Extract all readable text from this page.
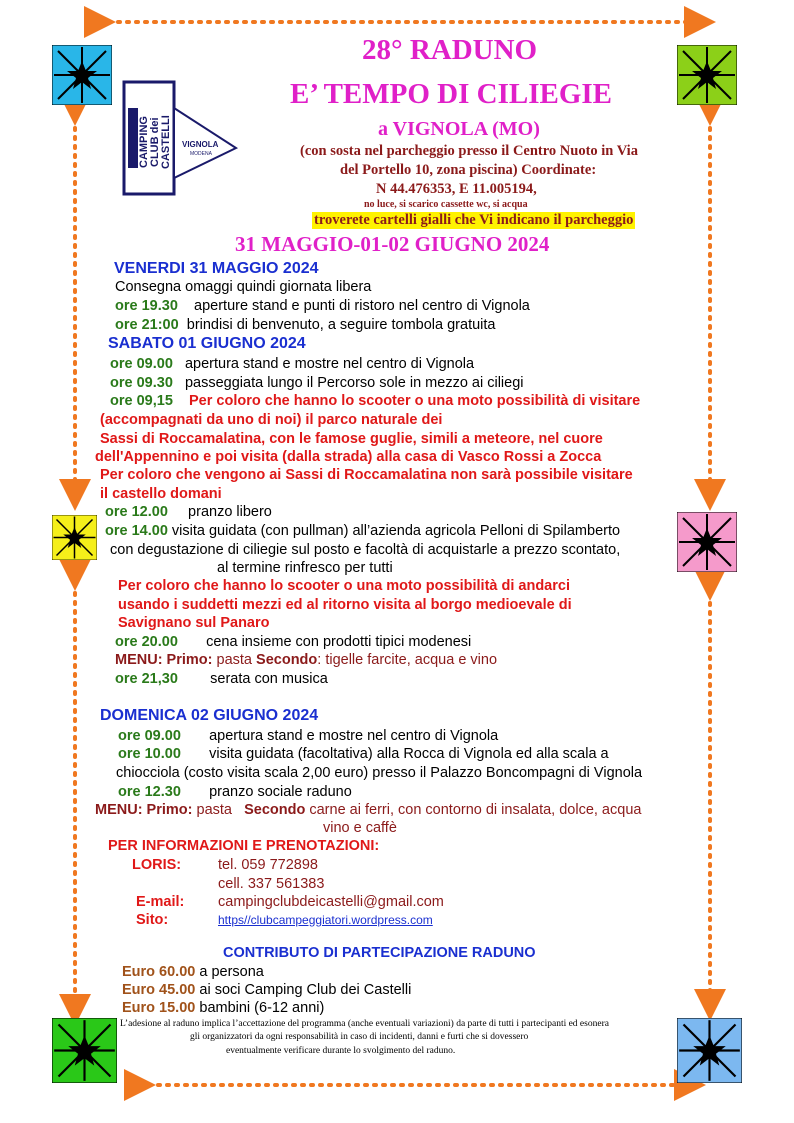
CAMPING CLUB dei CASTELLI VIGNOLA
MODENA
28° RADUNO
E’ TEMPO DI CILIEGIE
a VIGNOLA (MO)
(con sosta nel parcheggio presso il Centro Nuoto in Via
del Portello 10, zona piscina) Coordinate:
N 44.476353, E 11.005194,
no luce, si scarico cassette wc, si acqua
troverete cartelli gialli che Vi indicano il parcheggio
31 MAGGIO-01-02 GIUGNO 2024
VENERDI 31 MAGGIO 2024
Consegna omaggi quindi giornata libera
ore 19.30 aperture stand e punti di ristoro nel centro di Vignola
ore 21:00 brindisi di benvenuto, a seguire tombola gratuita
SABATO 01 GIUGNO 2024
ore 09.00 apertura stand e mostre nel centro di Vignola
ore 09.30 passeggiata lungo il Percorso sole in mezzo ai ciliegi
ore 09,15 Per coloro che hanno lo scooter o una moto possibilità di visitare
(accompagnati da uno di noi) il parco naturale dei
Sassi di Roccamalatina, con le famose guglie, simili a meteore, nel cuore
dell'Appennino e poi visita (dalla strada) alla casa di Vasco Rossi a Zocca
Per coloro che vengono ai Sassi di Roccamalatina non sarà possibile visitare
il castello domani
ore 12.00 pranzo libero
ore 14.00 visita guidata (con pullman) all’azienda agricola Pelloni di Spilamberto
con degustazione di ciliegie sul posto e facoltà di acquistarle a prezzo scontato,
al termine rinfresco per tutti
Per coloro che hanno lo scooter o una moto possibilità di andarci
usando i suddetti mezzi ed al ritorno visita al borgo medioevale di
Savignano sul Panaro
ore 20.00 cena insieme con prodotti tipici modenesi
MENU: Primo: pasta Secondo: tigelle farcite, acqua e vino
ore 21,30 serata con musica
DOMENICA 02 GIUGNO 2024
ore 09.00 apertura stand e mostre nel centro di Vignola
ore 10.00 visita guidata (facoltativa) alla Rocca di Vignola ed alla scala a
chiocciola (costo visita scala 2,00 euro) presso il Palazzo Boncompagni di Vignola
ore 12.30 pranzo sociale raduno
MENU: Primo: pasta Secondo carne ai ferri, con contorno di insalata, dolce, acqua
vino e caffè
PER INFORMAZIONI E PRENOTAZIONI:
LORIS:	tel. 059 772898
cell. 337 561383
E-mail: campingclubdeicastelli@gmail.com
Sito:	https//clubcampeggiatori.wordpress.com
CONTRIBUTO DI PARTECIPAZIONE RADUNO
Euro 60.00 a persona
Euro 45.00 ai soci Camping Club dei Castelli
Euro 15.00 bambini (6-12 anni)
L’adesione al raduno implica l’accettazione del programma (anche eventuali variazioni) da parte di tutti i partecipanti ed esonera
gli organizzatori da ogni responsabilità in caso di incidenti, danni e furti che si dovessero
eventualmente verificare durante lo svolgimento del raduno.
